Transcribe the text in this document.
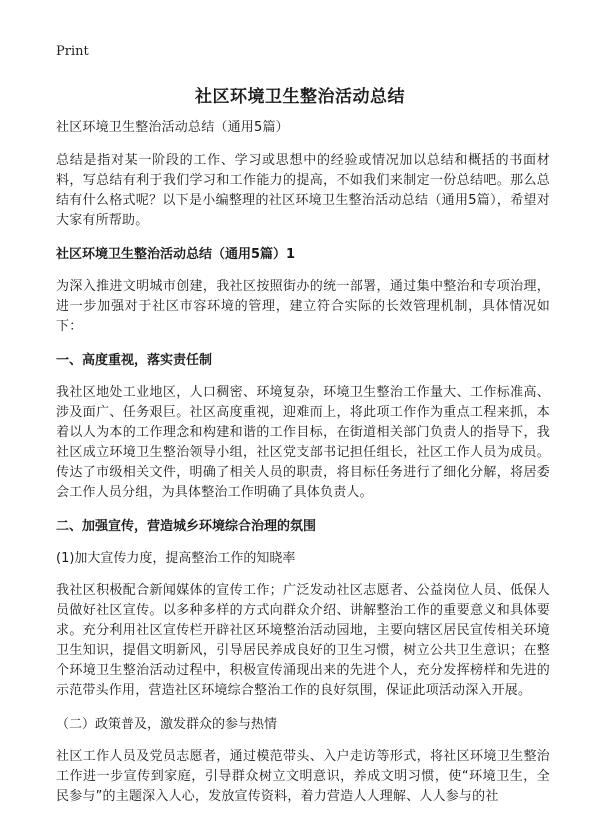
Print
社区环境卫生整治活动总结

社区环境卫生整治活动总结（通用5篇）

总结是指对某一阶段的工作、学习或思想中的经验或情况加以总结和概括的书面材料，写总结有利于我们学习和工作能力的提高，不如我们来制定一份总结吧。那么总结有什么格式呢？以下是小编整理的社区环境卫生整治活动总结（通用5篇），希望对大家有所帮助。

社区环境卫生整治活动总结（通用5篇）1

为深入推进文明城市创建，我社区按照街办的统一部署，通过集中整治和专项治理，进一步加强对于社区市容环境的管理，建立符合实际的长效管理机制，具体情况如下：

一、高度重视，落实责任制

我社区地处工业地区，人口稠密、环境复杂，环境卫生整治工作量大、工作标准高、涉及面广、任务艰巨。社区高度重视，迎难而上，将此项工作作为重点工程来抓，本着以人为本的工作理念和构建和谐的工作目标，在街道相关部门负责人的指导下，我社区成立环境卫生整治领导小组，社区党支部书记担任组长，社区工作人员为成员。传达了市级相关文件，明确了相关人员的职责，将目标任务进行了细化分解，将居委会工作人员分组，为具体整治工作明确了具体负责人。

二、加强宣传，营造城乡环境综合治理的氛围
(1)加大宣传力度，提高整治工作的知晓率

我社区积极配合新闻媒体的宣传工作；广泛发动社区志愿者、公益岗位人员、低保人员做好社区宣传。以多种多样的方式向群众介绍、讲解整治工作的重要意义和具体要求。充分利用社区宣传栏开辟社区环境整治活动园地，主要向辖区居民宣传相关环境卫生知识，提倡文明新风，引导居民养成良好的卫生习惯，树立公共卫生意识；在整个环境卫生整治活动过程中，积极宣传涌现出来的先进个人，充分发挥榜样和先进的示范带头作用，营造社区环境综合整治工作的良好氛围，保证此项活动深入开展。

（二）政策普及，激发群众的参与热情

社区工作人员及党员志愿者，通过模范带头、入户走访等形式，将社区环境卫生整治工作进一步宣传到家庭，引导群众树立文明意识，养成文明习惯，使“环境卫生，全民参与”的主题深入人心，发放宣传资料，着力营造人人理解、人人参与的社
